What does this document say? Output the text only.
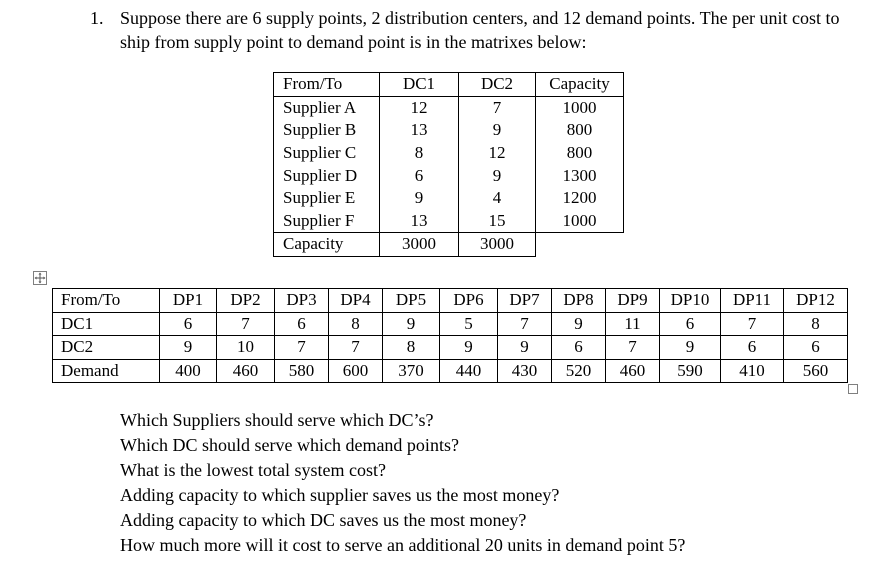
1. Suppose there are 6 supply points, 2 distribution centers, and 12 demand points. The per unit cost to ship from supply point to demand point is in the matrixes below:
From/To	DC1	DC2	Capacity
Supplier A	12	7	1000
Supplier B	13	9	800
Supplier C	8	12	800
Supplier D	6	9	1300
Supplier E	9	4	1200
Supplier F	13	15	1000
Capacity	3000	3000	
From/To	DP1	DP2	DP3	DP4	DP5	DP6	DP7	DP8	DP9	DP10	DP11	DP12
DC1	6	7	6	8	9	5	7	9	11	6	7	8
DC2	9	10	7	7	8	9	9	6	7	9	6	6
Demand	400	460	580	600	370	440	430	520	460	590	410	560
Which Suppliers should serve which DC’s?
Which DC should serve which demand points?
What is the lowest total system cost?
Adding capacity to which supplier saves us the most money?
Adding capacity to which DC saves us the most money?
How much more will it cost to serve an additional 20 units in demand point 5?
